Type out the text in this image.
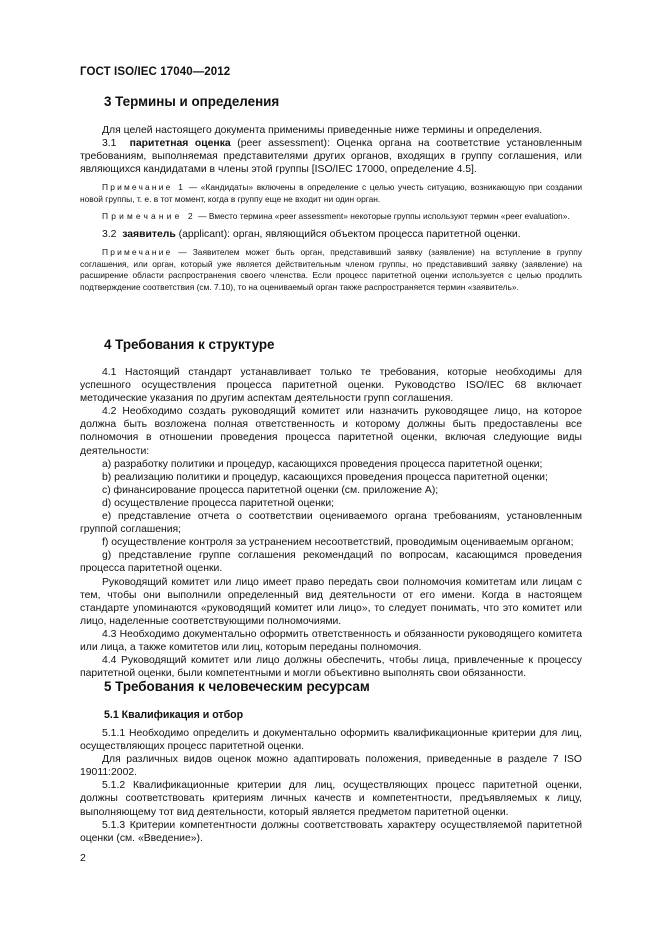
ГОСТ ISO/IEC 17040—2012
3 Термины и определения

Для целей настоящего документа применимы приведенные ниже термины и определения.

3.1 паритетная оценка (peer assessment): Оценка органа на соответствие установленным требованиям, выполняемая представителями других органов, входящих в группу соглашения, или являющихся кандидатами в члены этой группы [ISO/IEC 17000, определение 4.5].

Примечание 1 — «Кандидаты» включены в определение с целью учесть ситуацию, возникающую при создании новой группы, т. е. в тот момент, когда в группу еще не входит ни один орган.

Примечание 2 — Вместо термина «peer assessment» некоторые группы используют термин «peer evaluation».

3.2 заявитель (applicant): орган, являющийся объектом процесса паритетной оценки.

Примечание — Заявителем может быть орган, представивший заявку (заявление) на вступление в группу соглашения, или орган, который уже является действительным членом группы, но представивший заявку (заявление) на расширение области распространения своего членства. Если процесс паритетной оценки используется с целью продлить подтверждение соответствия (см. 7.10), то на оцениваемый орган также распространяется термин «заявитель».

4 Требования к структуре

4.1 Настоящий стандарт устанавливает только те требования, которые необходимы для успешного осуществления процесса паритетной оценки. Руководство ISO/IEC 68 включает методические указания по другим аспектам деятельности групп соглашения.

4.2 Необходимо создать руководящий комитет или назначить руководящее лицо, на которое должна быть возложена полная ответственность и которому должны быть предоставлены все полномочия в отношении проведения процесса паритетной оценки, включая следующие виды деятельности:

а) разработку политики и процедур, касающихся проведения процесса паритетной оценки;

b) реализацию политики и процедур, касающихся проведения процесса паритетной оценки;

c) финансирование процесса паритетной оценки (см. приложение А);

d) осуществление процесса паритетной оценки;

e) представление отчета о соответствии оцениваемого органа требованиям, установленным группой соглашения;

f) осуществление контроля за устранением несоответствий, проводимым оцениваемым органом;

g) представление группе соглашения рекомендаций по вопросам, касающимся проведения процесса паритетной оценки.

Руководящий комитет или лицо имеет право передать свои полномочия комитетам или лицам с тем, чтобы они выполнили определенный вид деятельности от его имени. Когда в настоящем стандарте упоминаются «руководящий комитет или лицо», то следует понимать, что это комитет или лицо, наделенные соответствующими полномочиями.

4.3 Необходимо документально оформить ответственность и обязанности руководящего комитета или лица, а также комитетов или лиц, которым переданы полномочия.

4.4 Руководящий комитет или лицо должны обеспечить, чтобы лица, привлеченные к процессу паритетной оценки, были компетентными и могли объективно выполнять свои обязанности.

5 Требования к человеческим ресурсам
5.1 Квалификация и отбор

5.1.1 Необходимо определить и документально оформить квалификационные критерии для лиц, осуществляющих процесс паритетной оценки.

Для различных видов оценок можно адаптировать положения, приведенные в разделе 7 ISO 19011:2002.

5.1.2 Квалификационные критерии для лиц, осуществляющих процесс паритетной оценки, должны соответствовать критериям личных качеств и компетентности, предъявляемых к лицу, выполняющему тот вид деятельности, который является предметом паритетной оценки.

5.1.3 Критерии компетентности должны соответствовать характеру осуществляемой паритетной оценки (см. «Введение»).

2
